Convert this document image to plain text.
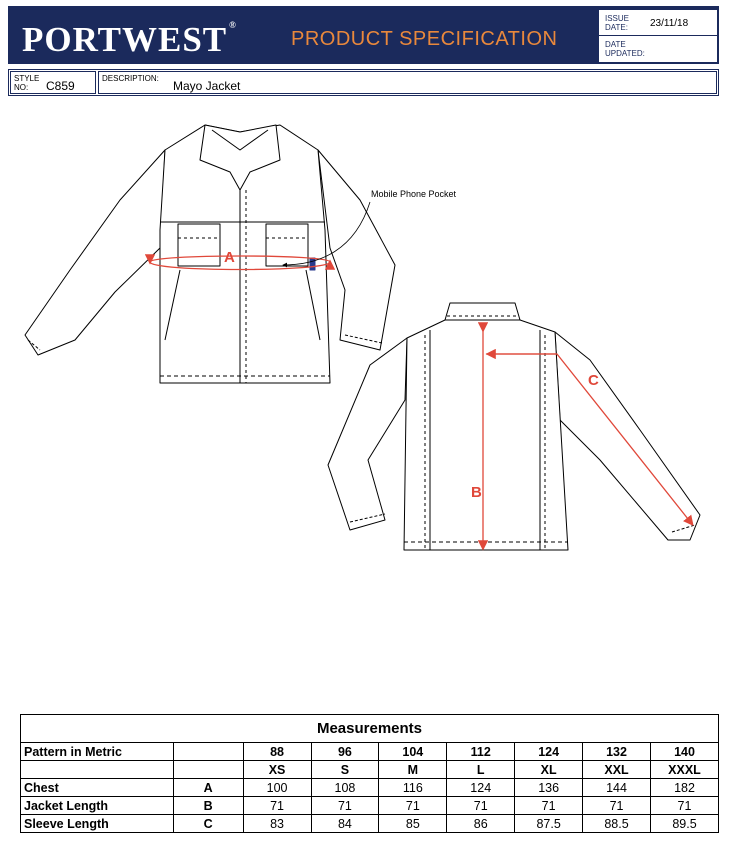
PORTWEST ®
PRODUCT SPECIFICATION
ISSUE
DATE: 23/11/18
DATE
UPDATED:
STYLE
NO:	C859
DESCRIPTION:
Mayo Jacket
A
Mobile Phone Pocket
B
C
Measurements								
Pattern in Metric		88	96	104	112	124	132	140
		XS	S	M	L	XL	XXL	XXXL
Chest	A	100	108	116	124	136	144	182
Jacket Length	B	71	71	71	71	71	71	71
Sleeve Length	C	83	84	85	86	87.5	88.5	89.5
